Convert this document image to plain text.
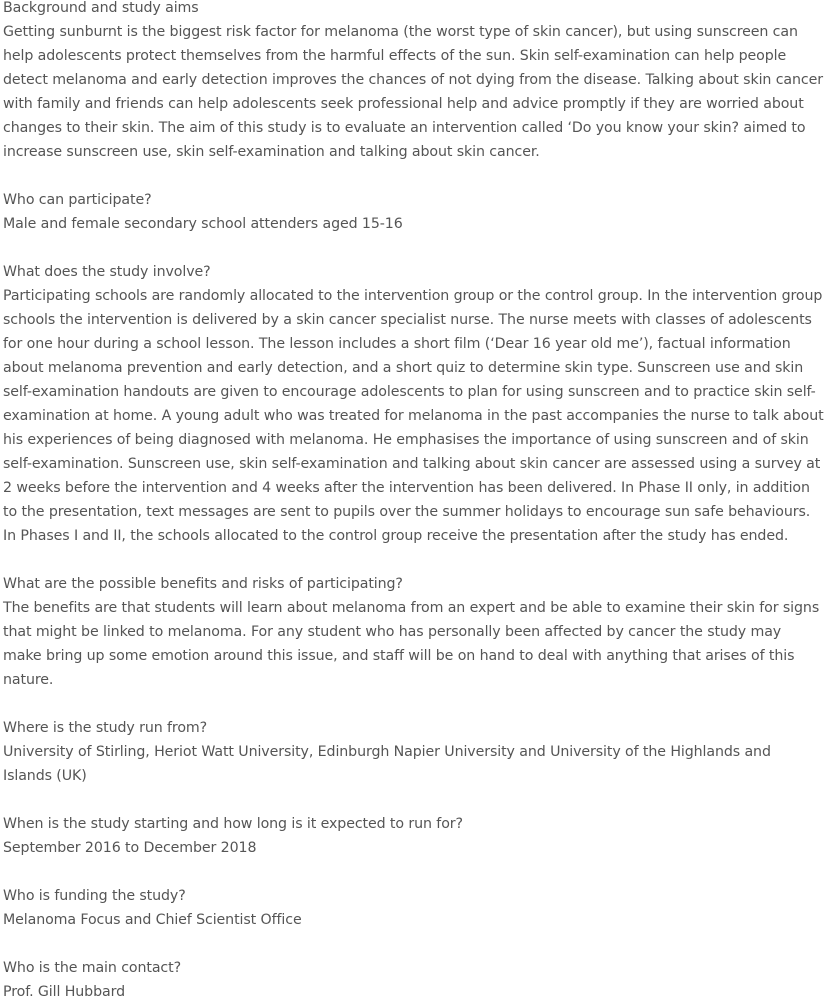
Background and study aims
Getting sunburnt is the biggest risk factor for melanoma (the worst type of skin cancer), but using sunscreen can help adolescents protect themselves from the harmful effects of the sun. Skin self-examination can help people detect melanoma and early detection improves the chances of not dying from the disease. Talking about skin cancer with family and friends can help adolescents seek professional help and advice promptly if they are worried about changes to their skin. The aim of this study is to evaluate an intervention called ‘Do you know your skin? aimed to increase sunscreen use, skin self-examination and talking about skin cancer.

Who can participate?
Male and female secondary school attenders aged 15-16

What does the study involve?
Participating schools are randomly allocated to the intervention group or the control group. In the intervention group schools the intervention is delivered by a skin cancer specialist nurse. The nurse meets with classes of adolescents for one hour during a school lesson. The lesson includes a short film (‘Dear 16 year old me’), factual information about melanoma prevention and early detection, and a short quiz to determine skin type. Sunscreen use and skin self-examination handouts are given to encourage adolescents to plan for using sunscreen and to practice skin self-examination at home. A young adult who was treated for melanoma in the past accompanies the nurse to talk about his experiences of being diagnosed with melanoma. He emphasises the importance of using sunscreen and of skin self-examination. Sunscreen use, skin self-examination and talking about skin cancer are assessed using a survey at 2 weeks before the intervention and 4 weeks after the intervention has been delivered. In Phase II only, in addition to the presentation, text messages are sent to pupils over the summer holidays to encourage sun safe behaviours. In Phases I and II, the schools allocated to the control group receive the presentation after the study has ended.

What are the possible benefits and risks of participating?
The benefits are that students will learn about melanoma from an expert and be able to examine their skin for signs that might be linked to melanoma. For any student who has personally been affected by cancer the study may make bring up some emotion around this issue, and staff will be on hand to deal with anything that arises of this nature.

Where is the study run from?
University of Stirling, Heriot Watt University, Edinburgh Napier University and University of the Highlands and Islands (UK)

When is the study starting and how long is it expected to run for?
September 2016 to December 2018

Who is funding the study?
Melanoma Focus and Chief Scientist Office

Who is the main contact?
Prof. Gill Hubbard
